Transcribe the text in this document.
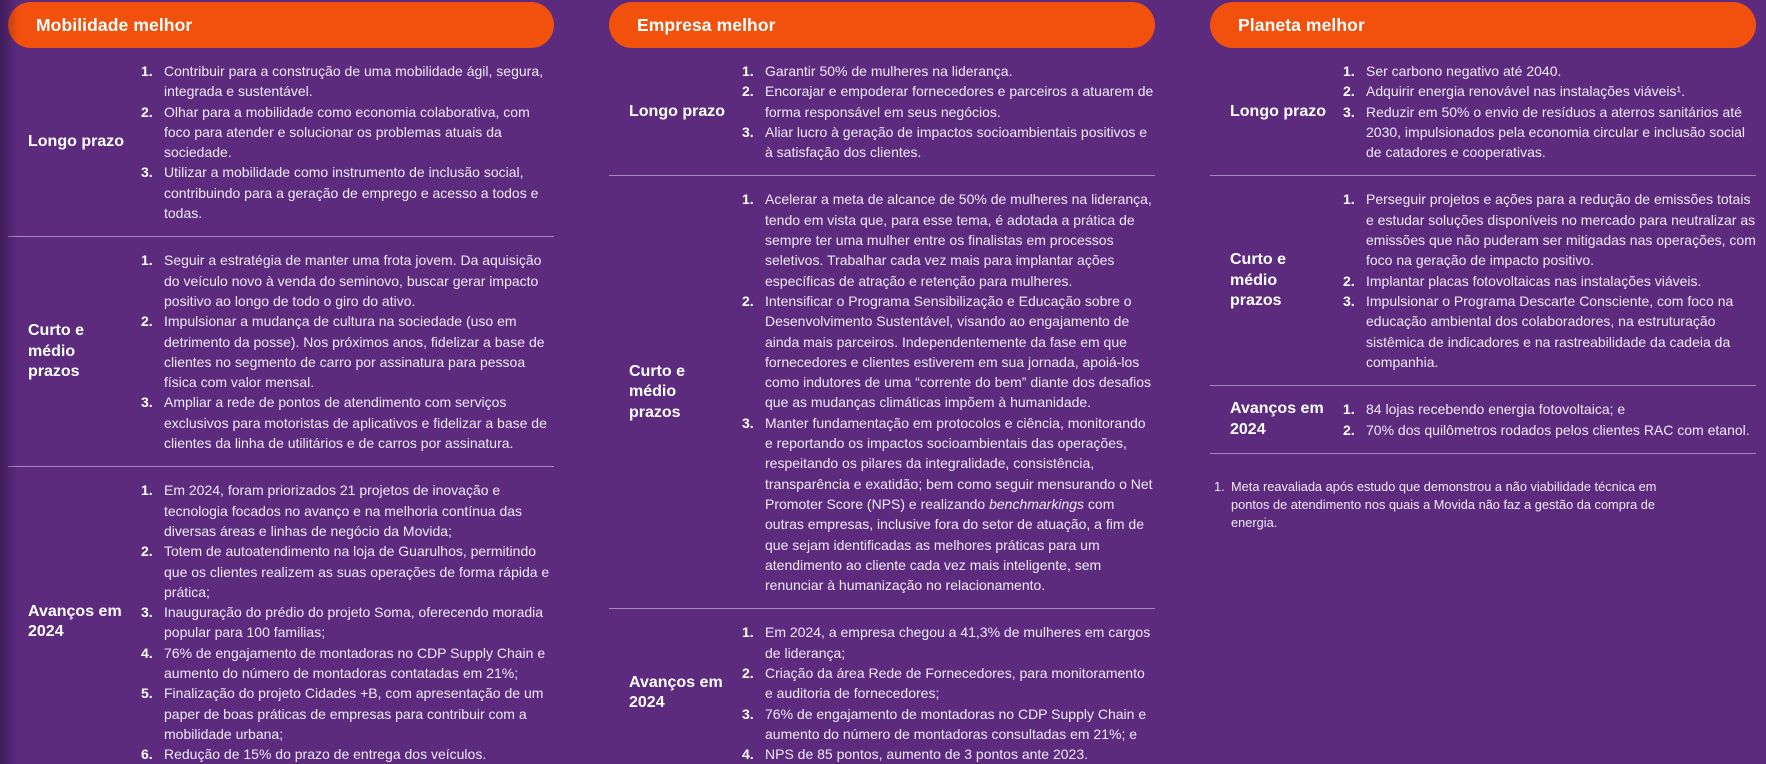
Mobilidade melhor
Longo prazo
1. Contribuir para a construção de uma mobilidade ágil, segura, integrada e sustentável.
2. Olhar para a mobilidade como economia colaborativa, com foco para atender e solucionar os problemas atuais da sociedade.
3. Utilizar a mobilidade como instrumento de inclusão social, contribuindo para a geração de emprego e acesso a todos e todas.
Curto e médio prazos
1. Seguir a estratégia de manter uma frota jovem. Da aquisição do veículo novo à venda do seminovo, buscar gerar impacto positivo ao longo de todo o giro do ativo.
2. Impulsionar a mudança de cultura na sociedade (uso em detrimento da posse). Nos próximos anos, fidelizar a base de clientes no segmento de carro por assinatura para pessoa física com valor mensal.
3. Ampliar a rede de pontos de atendimento com serviços exclusivos para motoristas de aplicativos e fidelizar a base de clientes da linha de utilitários e de carros por assinatura.
Avanços em 2024
1. Em 2024, foram priorizados 21 projetos de inovação e tecnologia focados no avanço e na melhoria contínua das diversas áreas e linhas de negócio da Movida;
2. Totem de autoatendimento na loja de Guarulhos, permitindo que os clientes realizem as suas operações de forma rápida e prática;
3. Inauguração do prédio do projeto Soma, oferecendo moradia popular para 100 familias;
4. 76% de engajamento de montadoras no CDP Supply Chain e aumento do número de montadoras contatadas em 21%;
5. Finalização do projeto Cidades +B, com apresentação de um paper de boas práticas de empresas para contribuir com a mobilidade urbana;
6. Redução de 15% do prazo de entrega dos veículos.
Empresa melhor
Longo prazo
1. Garantir 50% de mulheres na liderança.
2. Encorajar e empoderar fornecedores e parceiros a atuarem de forma responsável em seus negócios.
3. Aliar lucro à geração de impactos socioambientais positivos e à satisfação dos clientes.
Curto e médio prazos
1. Acelerar a meta de alcance de 50% de mulheres na liderança, tendo em vista que, para esse tema, é adotada a prática de sempre ter uma mulher entre os finalistas em processos seletivos. Trabalhar cada vez mais para implantar ações específicas de atração e retenção para mulheres.
2. Intensificar o Programa Sensibilização e Educação sobre o Desenvolvimento Sustentável, visando ao engajamento de ainda mais parceiros. Independentemente da fase em que fornecedores e clientes estiverem em sua jornada, apoiá-los como indutores de uma “corrente do bem” diante dos desafios que as mudanças climáticas impõem à humanidade.
3. Manter fundamentação em protocolos e ciência, monitorando e reportando os impactos socioambientais das operações, respeitando os pilares da integralidade, consistência, transparência e exatidão; bem como seguir mensurando o Net Promoter Score (NPS) e realizando benchmarkings com outras empresas, inclusive fora do setor de atuação, a fim de que sejam identificadas as melhores práticas para um atendimento ao cliente cada vez mais inteligente, sem renunciar à humanização no relacionamento.
Avanços em 2024
1. Em 2024, a empresa chegou a 41,3% de mulheres em cargos de liderança;
2. Criação da área Rede de Fornecedores, para monitoramento e auditoria de fornecedores;
3. 76% de engajamento de montadoras no CDP Supply Chain e aumento do número de montadoras consultadas em 21%; e
4. NPS de 85 pontos, aumento de 3 pontos ante 2023.
Planeta melhor
Longo prazo
1. Ser carbono negativo até 2040.
2. Adquirir energia renovável nas instalações viáveis¹.
3. Reduzir em 50% o envio de resíduos a aterros sanitários até 2030, impulsionados pela economia circular e inclusão social de catadores e cooperativas.
Curto e médio prazos
1. Perseguir projetos e ações para a redução de emissões totais e estudar soluções disponíveis no mercado para neutralizar as emissões que não puderam ser mitigadas nas operações, com foco na geração de impacto positivo.
2. Implantar placas fotovoltaicas nas instalações viáveis.
3. Impulsionar o Programa Descarte Consciente, com foco na educação ambiental dos colaboradores, na estruturação sistêmica de indicadores e na rastreabilidade da cadeia da companhia.
Avanços em 2024
1. 84 lojas recebendo energia fotovoltaica; e
2. 70% dos quilômetros rodados pelos clientes RAC com etanol.
1. Meta reavaliada após estudo que demonstrou a não viabilidade técnica em pontos de atendimento nos quais a Movida não faz a gestão da compra de energia.
